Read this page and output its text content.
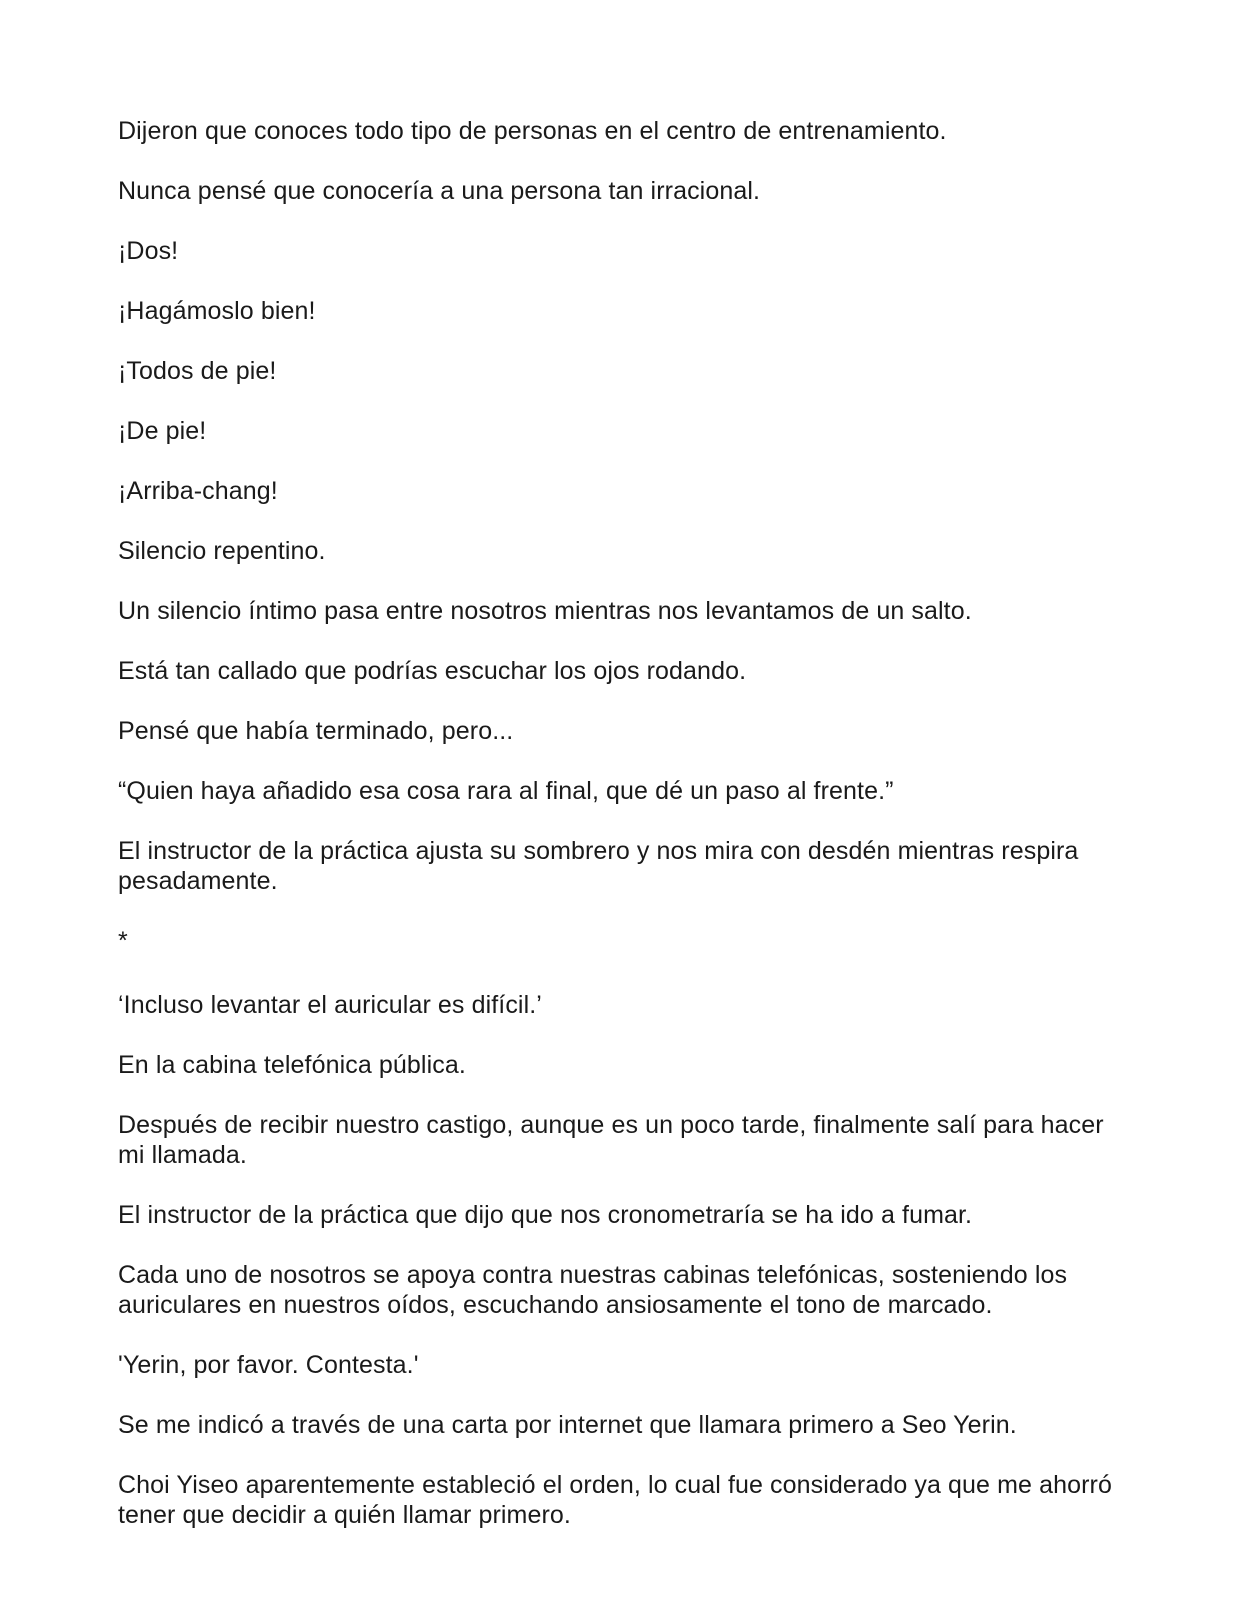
Dijeron que conoces todo tipo de personas en el centro de entrenamiento.

Nunca pensé que conocería a una persona tan irracional.

¡Dos!

¡Hagámoslo bien!

¡Todos de pie!

¡De pie!

¡Arriba-chang!

Silencio repentino.

Un silencio íntimo pasa entre nosotros mientras nos levantamos de un salto.

Está tan callado que podrías escuchar los ojos rodando.

Pensé que había terminado, pero...

“Quien haya añadido esa cosa rara al final, que dé un paso al frente.”

El instructor de la práctica ajusta su sombrero y nos mira con desdén mientras respira pesadamente.

*

‘Incluso levantar el auricular es difícil.’

En la cabina telefónica pública.

Después de recibir nuestro castigo, aunque es un poco tarde, finalmente salí para hacer mi llamada.

El instructor de la práctica que dijo que nos cronometraría se ha ido a fumar.

Cada uno de nosotros se apoya contra nuestras cabinas telefónicas, sosteniendo los auriculares en nuestros oídos, escuchando ansiosamente el tono de marcado.

'Yerin, por favor. Contesta.'

Se me indicó a través de una carta por internet que llamara primero a Seo Yerin.

Choi Yiseo aparentemente estableció el orden, lo cual fue considerado ya que me ahorró tener que decidir a quién llamar primero.
